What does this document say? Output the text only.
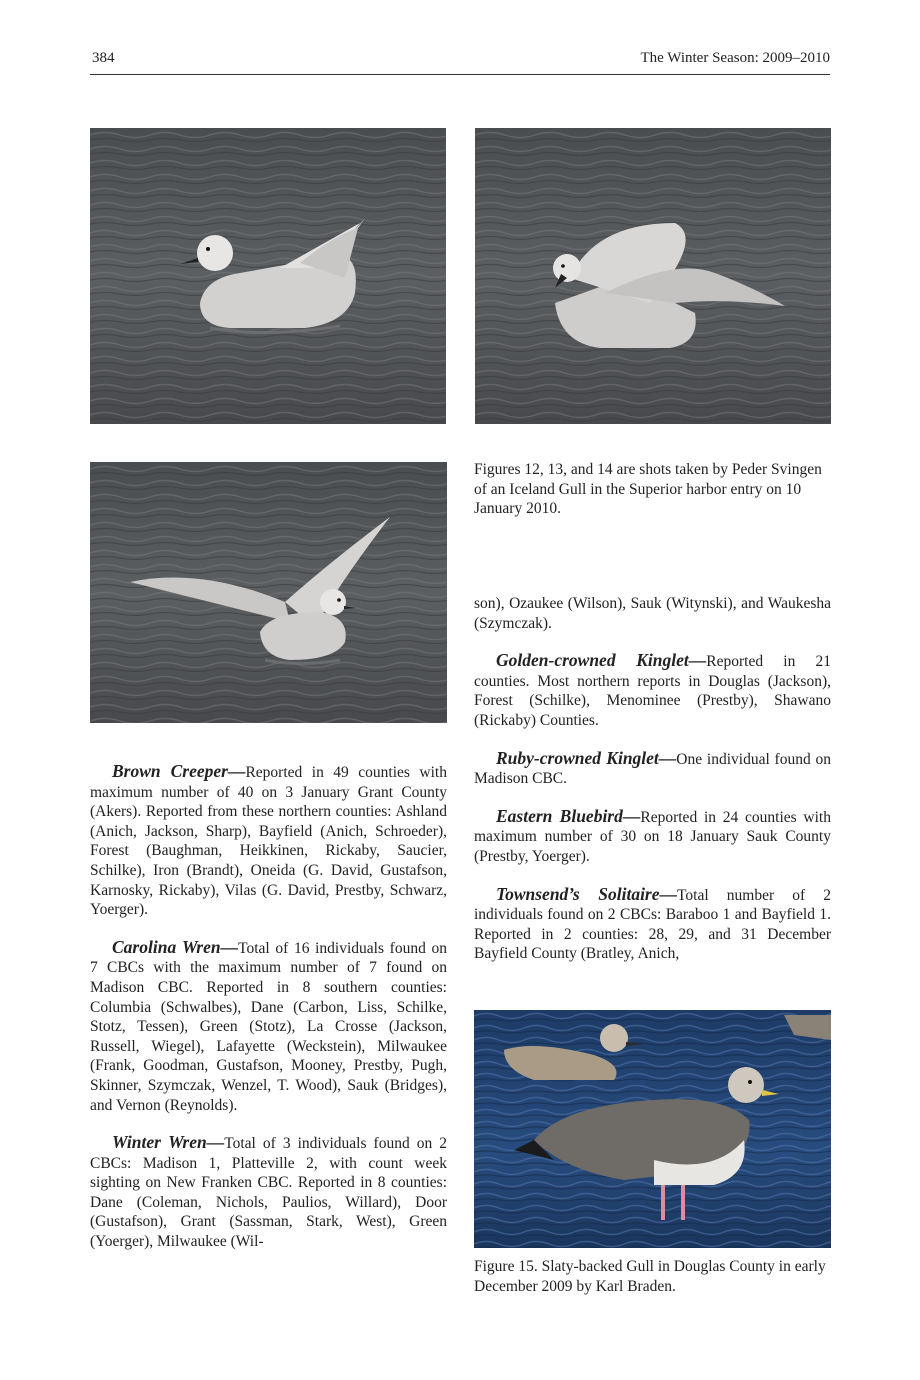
384	The Winter Season: 2009–2010
Figures 12, 13, and 14 are shots taken by Peder Svingen of an Iceland Gull in the Superior harbor entry on 10 January 2010.

Brown Creeper—Reported in 49 counties with maximum number of 40 on 3 January Grant County (Akers). Reported from these northern counties: Ashland (Anich, Jackson, Sharp), Bayfield (Anich, Schroeder), Forest (Baughman, Heikkinen, Rickaby, Saucier, Schilke), Iron (Brandt), Oneida (G. David, Gustafson, Karnosky, Rickaby), Vilas (G. David, Prestby, Schwarz, Yoerger).

Carolina Wren—Total of 16 individuals found on 7 CBCs with the maximum number of 7 found on Madison CBC. Reported in 8 southern counties: Columbia (Schwalbes), Dane (Carbon, Liss, Schilke, Stotz, Tessen), Green (Stotz), La Crosse (Jackson, Russell, Wiegel), Lafayette (Weckstein), Milwaukee (Frank, Goodman, Gustafson, Mooney, Prestby, Pugh, Skinner, Szymczak, Wenzel, T. Wood), Sauk (Bridges), and Vernon (Reynolds).

Winter Wren—Total of 3 individuals found on 2 CBCs: Madison 1, Platteville 2, with count week sighting on New Franken CBC. Reported in 8 counties: Dane (Coleman, Nichols, Paulios, Willard), Door (Gustafson), Grant (Sassman, Stark, West), Green (Yoerger), Milwaukee (Wil-

son), Ozaukee (Wilson), Sauk (Witynski), and Waukesha (Szymczak).

Golden-crowned Kinglet—Reported in 21 counties. Most northern reports in Douglas (Jackson), Forest (Schilke), Menominee (Prestby), Shawano (Rickaby) Counties.

Ruby-crowned Kinglet—One individual found on Madison CBC.

Eastern Bluebird—Reported in 24 counties with maximum number of 30 on 18 January Sauk County (Prestby, Yoerger).

Townsend’s Solitaire—Total number of 2 individuals found on 2 CBCs: Baraboo 1 and Bayfield 1. Reported in 2 counties: 28, 29, and 31 December Bayfield County (Bratley, Anich,

Figure 15. Slaty-backed Gull in Douglas County in early December 2009 by Karl Braden.
